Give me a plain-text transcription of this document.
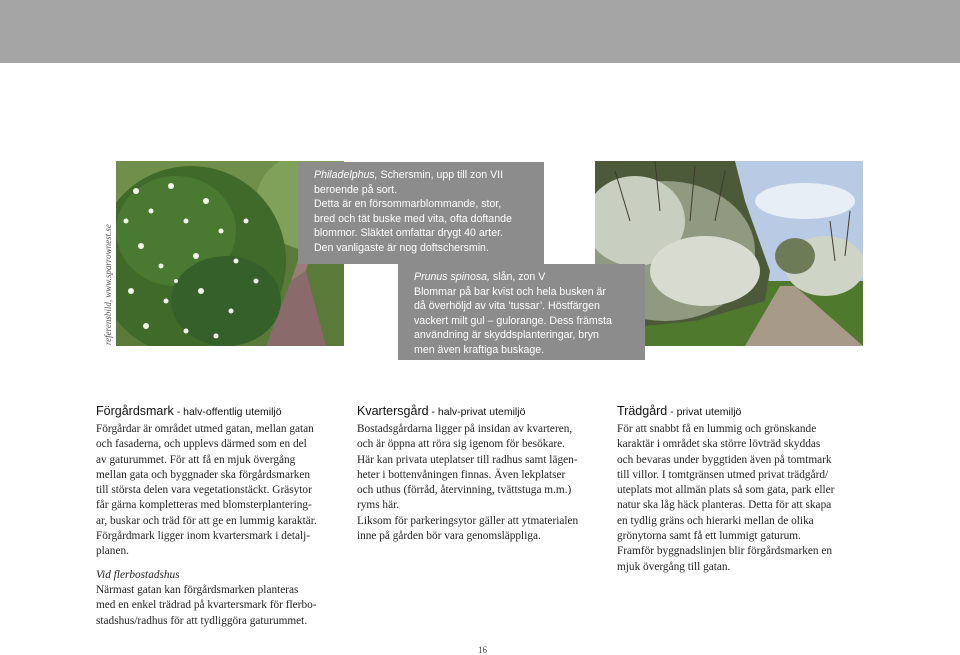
referensbild, www.sparrownest.se

Philadelphus, Schersmin, upp till zon VII

beroende på sort.

Detta är en försommarblommande, stor,

bred och tät buske med vita, ofta doftande

blommor. Släktet omfattar drygt 40 arter.

Den vanligaste är nog doftschersmin.

Prunus spinosa, slån, zon V

Blommar på bar kvist och hela busken är

då överhöljd av vita ’tussar’. Höstfärgen

vackert milt gul – gulorange. Dess främsta

användning är skyddsplanteringar, bryn

men även kraftiga buskage.

Förgårdsmark - halv-offentlig utemiljö

Förgårdar är området utmed gatan, mellan gatan

och fasaderna, och upplevs därmed som en del

av gaturummet. För att få en mjuk övergång

mellan gata och byggnader ska förgårdsmarken

till största delen vara vegetationstäckt. Gräsytor

får gärna kompletteras med blomsterplantering-

ar, buskar och träd för att ge en lummig karaktär.

Förgårdmark ligger inom kvartersmark i detalj-

planen.

Vid flerbostadshus

Närmast gatan kan förgårdsmarken planteras

med en enkel trädrad på kvartersmark för flerbo-

stadshus/radhus för att tydliggöra gaturummet.

Kvartersgård - halv-privat utemiljö

Bostadsgårdarna ligger på insidan av kvarteren,

och är öppna att röra sig igenom för besökare.

Här kan privata uteplatser till radhus samt lägen-

heter i bottenvåningen finnas. Även lekplatser

och uthus (förråd, återvinning, tvättstuga m.m.)

ryms här.

Liksom för parkeringsytor gäller att ytmaterialen

inne på gården bör vara genomsläppliga.

Trädgård - privat utemiljö

För att snabbt få en lummig och grönskande

karaktär i området ska större lövträd skyddas

och bevaras under byggtiden även på tomtmark

till villor. I tomtgränsen utmed privat trädgård/

uteplats mot allmän plats så som gata, park eller

natur ska låg häck planteras. Detta för att skapa

en tydlig gräns och hierarki mellan de olika

grönytorna samt få ett lummigt gaturum.

Framför byggnadslinjen blir förgårdsmarken en

mjuk övergång till gatan.

16
